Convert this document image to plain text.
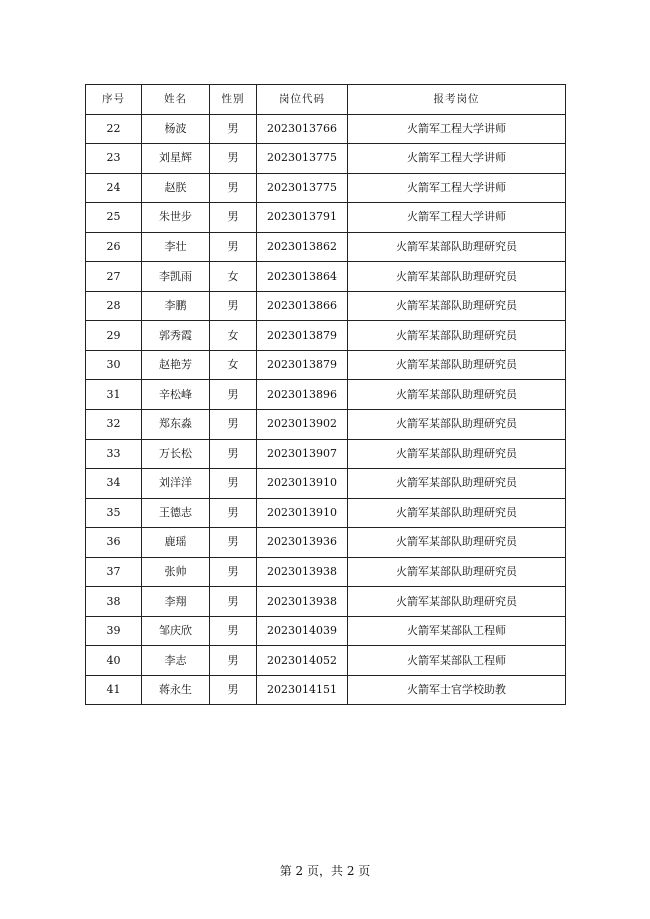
序号	姓名	性别	岗位代码	报考岗位
22	杨波	男	2023013766	火箭军工程大学讲师
23	刘星辉	男	2023013775	火箭军工程大学讲师
24	赵朕	男	2023013775	火箭军工程大学讲师
25	朱世步	男	2023013791	火箭军工程大学讲师
26	李壮	男	2023013862	火箭军某部队助理研究员
27	李凯雨	女	2023013864	火箭军某部队助理研究员
28	李鹏	男	2023013866	火箭军某部队助理研究员
29	郭秀霞	女	2023013879	火箭军某部队助理研究员
30	赵艳芳	女	2023013879	火箭军某部队助理研究员
31	辛松峰	男	2023013896	火箭军某部队助理研究员
32	郑东淼	男	2023013902	火箭军某部队助理研究员
33	万长松	男	2023013907	火箭军某部队助理研究员
34	刘洋洋	男	2023013910	火箭军某部队助理研究员
35	王德志	男	2023013910	火箭军某部队助理研究员
36	鹿瑶	男	2023013936	火箭军某部队助理研究员
37	张帅	男	2023013938	火箭军某部队助理研究员
38	李翔	男	2023013938	火箭军某部队助理研究员
39	邹庆欣	男	2023014039	火箭军某部队工程师
40	李志	男	2023014052	火箭军某部队工程师
41	蒋永生	男	2023014151	火箭军士官学校助教
第 2 页，共 2 页
